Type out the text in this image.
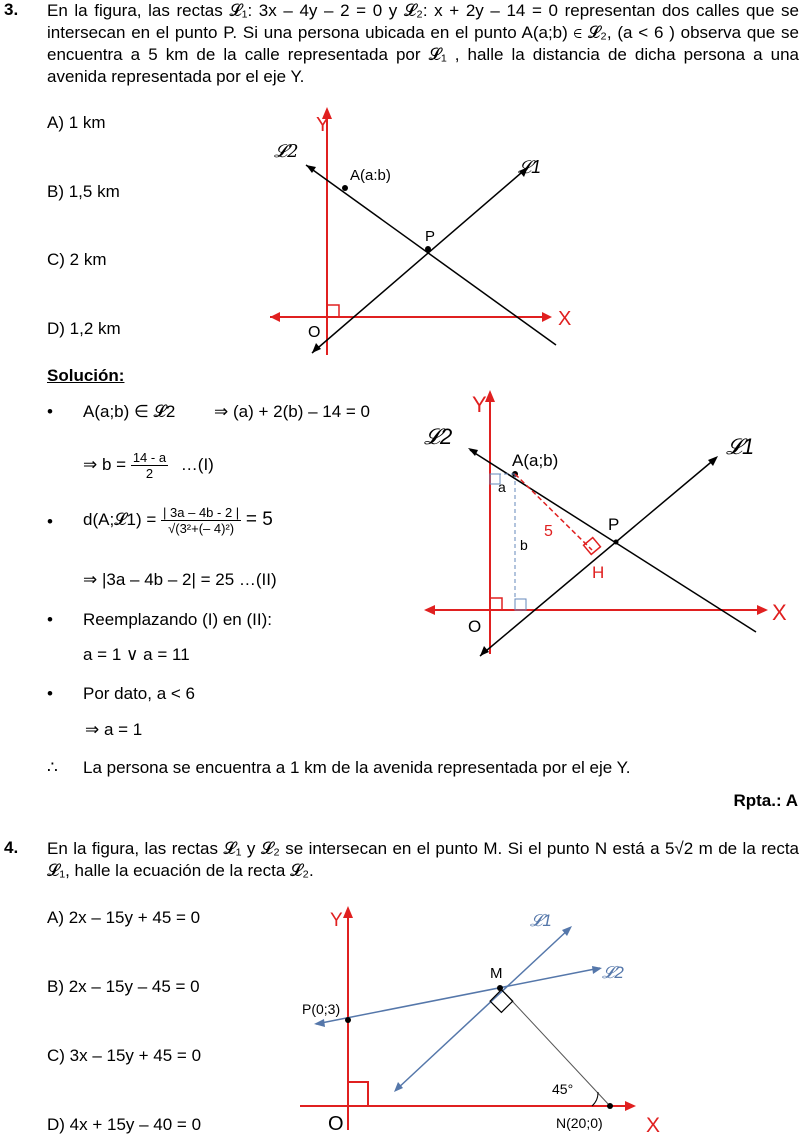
3. En la figura, las rectas 𝓛₁: 3x – 4y – 2 = 0 y 𝓛₂: x + 2y – 14 = 0 representan dos calles que se intersecan en el punto P. Si una persona ubicada en el punto A(a;b) ∈ 𝓛₂, (a < 6 ) observa que se encuentra a 5 km de la calle representada por 𝓛₁ , halle la distancia de dicha persona a una avenida representada por el eje Y.
A) 1 km
B) 1,5 km
C) 2 km
D) 1,2 km
Y
X
O
𝓛2
𝓛1
A(a:b)
P
Solución:
• A(a;b) ∈ 𝓛2 ⇒ (a) + 2(b) – 14 = 0
⇒ $b = \frac{14 - a}{2}$ …(I)
• d(A;𝓛1) = $\frac{| 3a - 4b - 2 |}{\text{√(3²+(– 4)²)}} = 5$
⇒ |3a – 4b – 2| = 25 …(II)
• Reemplazando (I) en (II):
a = 1 ∨ a = 11
• Por dato, a < 6
⇒ a = 1
∴ La persona se encuentra a 1 km de la avenida representada por el eje Y.
Rpta.: A
Y
X
O
𝓛2	𝓛1
A(a;b)
P
H
5
a
b
4. En la figura, las rectas 𝓛₁ y 𝓛₂ se intersecan en el punto M. Si el punto N está a 5√2 m de la recta 𝓛₁, halle la ecuación de la recta 𝓛₂.
A) 2x – 15y + 45 = 0
B) 2x – 15y – 45 = 0
C) 3x – 15y + 45 = 0
D) 4x + 15y – 40 = 0
Y
X
O
𝓛1
𝓛2
M
P(0;3)
N(20;0)
45°
